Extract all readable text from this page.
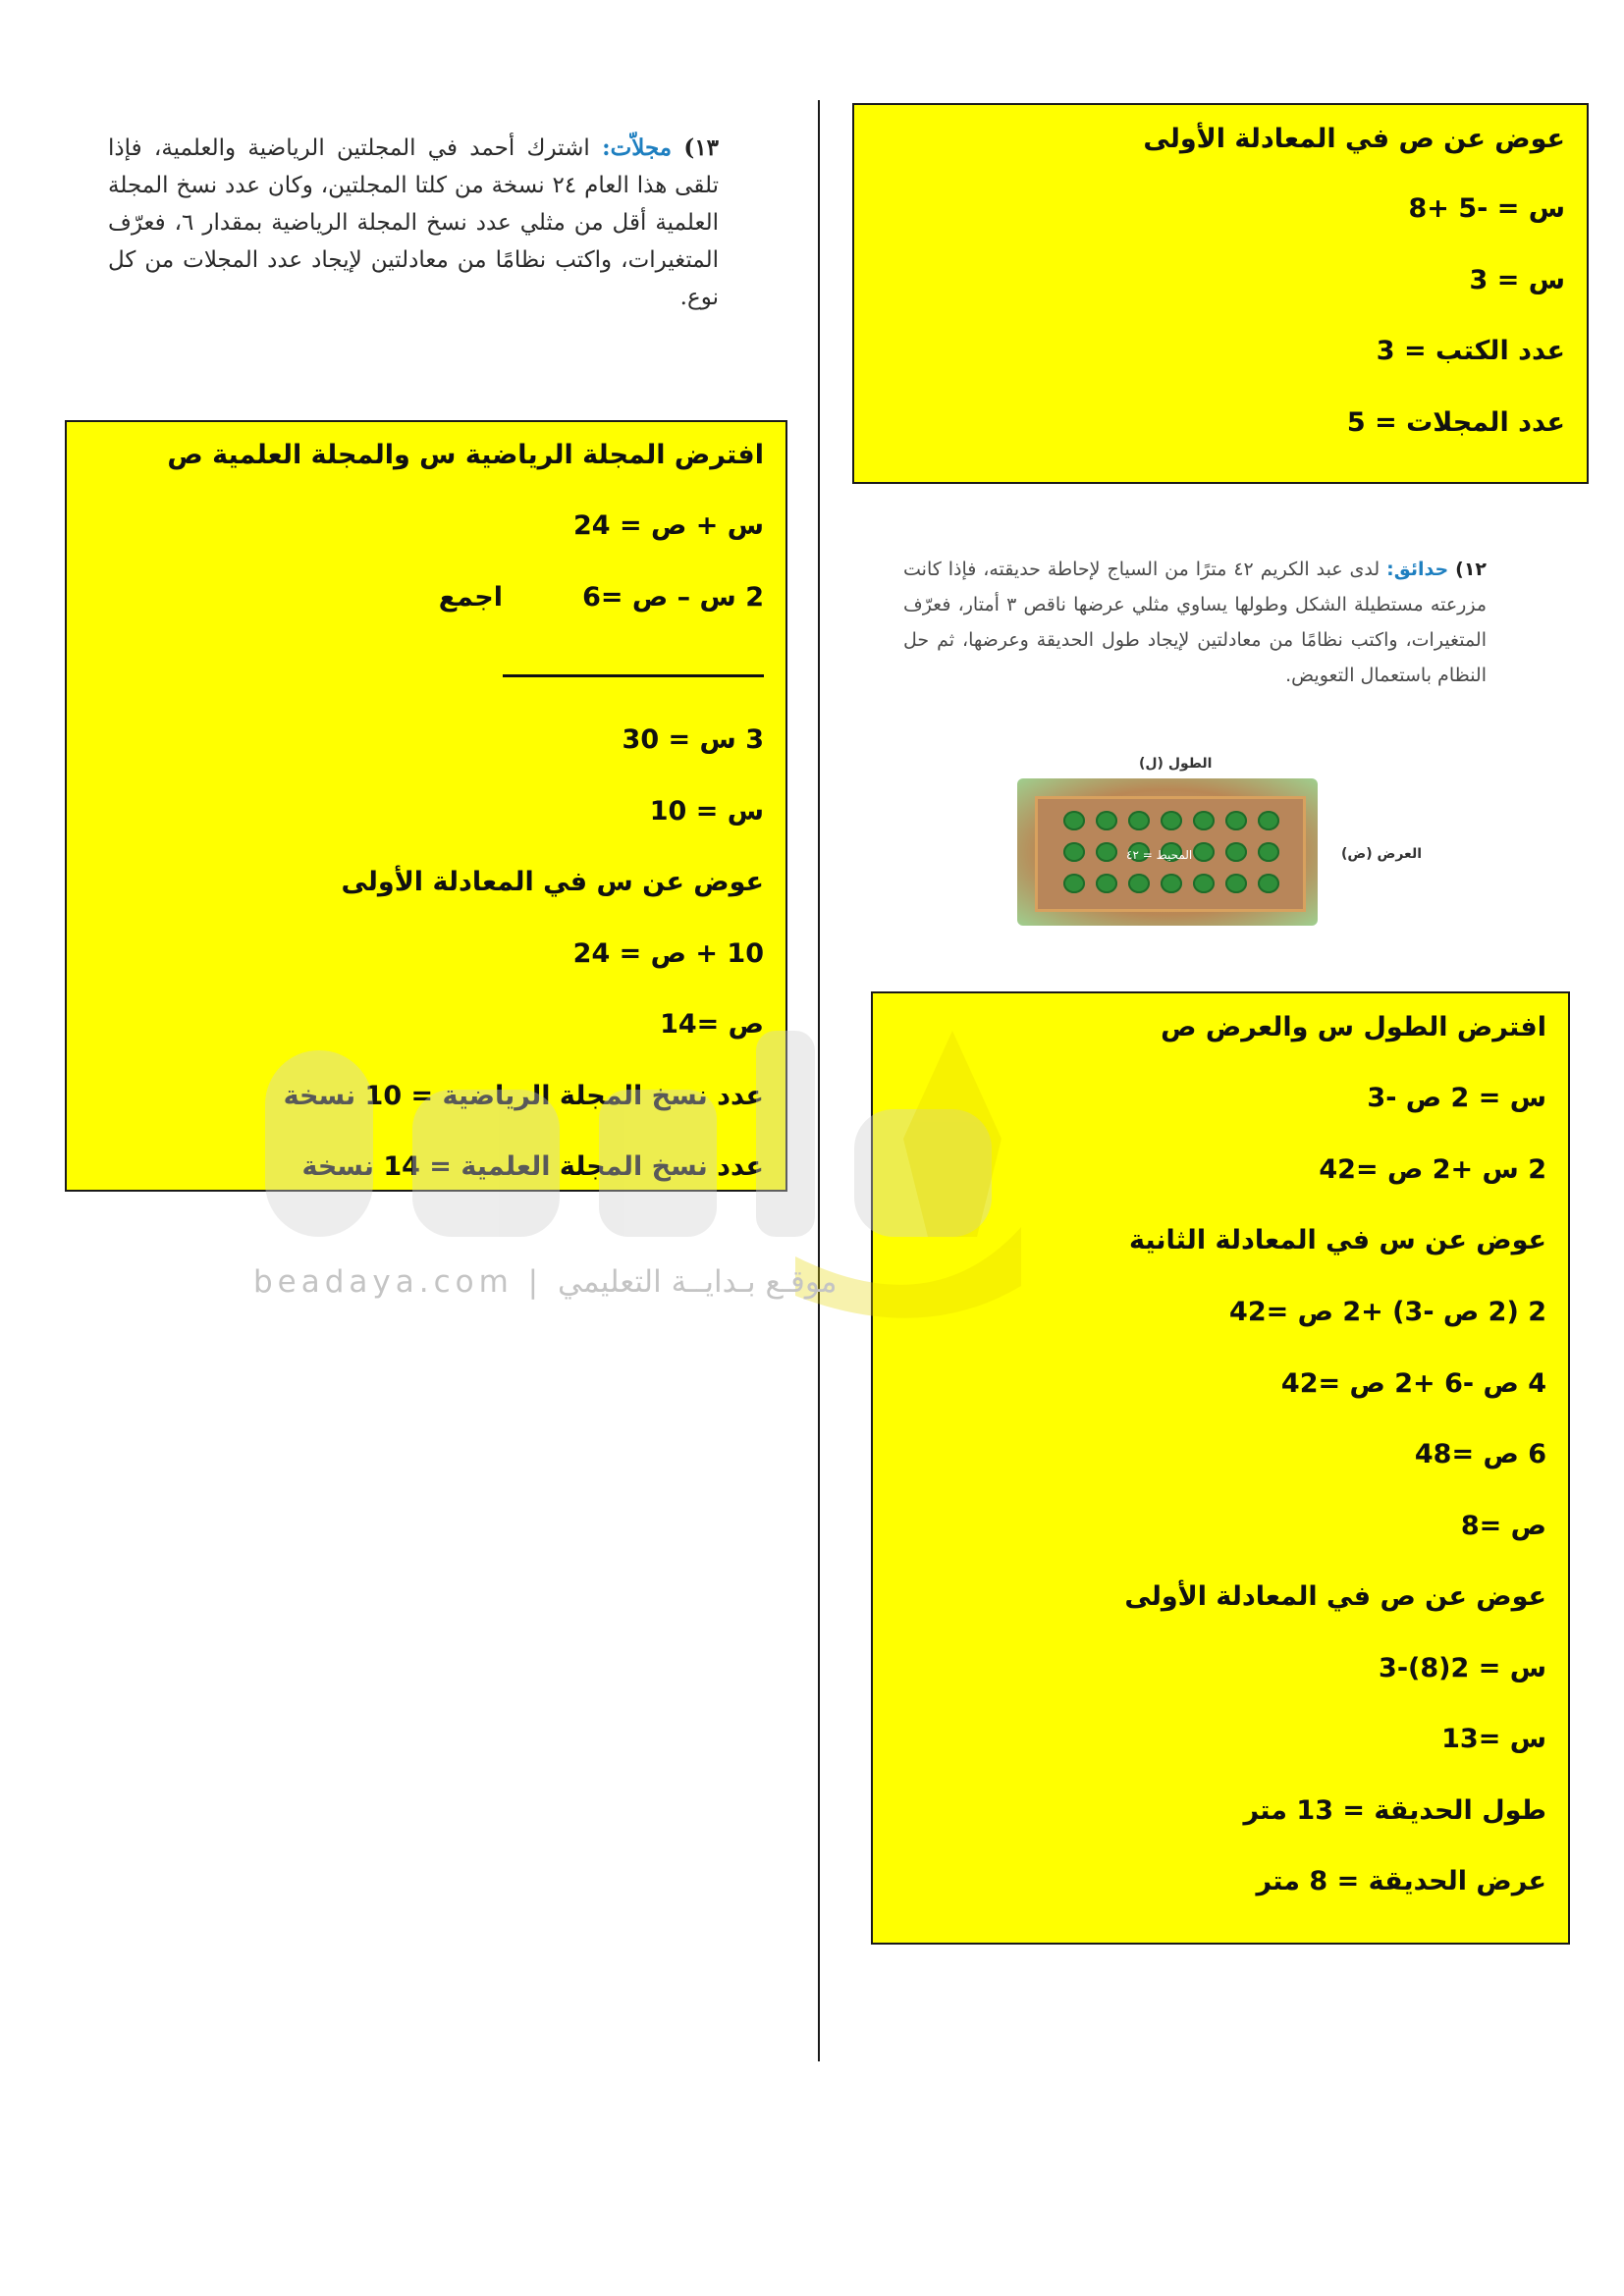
١٣) مجلاّت: اشترك أحمد في المجلتين الرياضية والعلمية، فإذا تلقى هذا العام ٢٤ نسخة من كلتا المجلتين، وكان عدد نسخ المجلة العلمية أقل من مثلي عدد نسخ المجلة الرياضية بمقدار ٦، فعرّف المتغيرات، واكتب نظامًا من معادلتين لإيجاد عدد المجلات من كل نوع.
عوض عن ص في المعادلة الأولى
س = -5 +8
س = 3
عدد الكتب = 3
عدد المجلات = 5
افترض المجلة الرياضية س والمجلة العلمية ص
س + ص = 24
2 س – ص =6
اجمع
3 س = 30
س = 10
عوض عن س في المعادلة الأولى
10 + ص = 24
ص =14
عدد نسخ المجلة الرياضية = 10 نسخة
عدد نسخ المجلة العلمية = 14 نسخة
١٢) حدائق: لدى عبد الكريم ٤٢ مترًا من السياج لإحاطة حديقته، فإذا كانت مزرعته مستطيلة الشكل وطولها يساوي مثلي عرضها ناقص ٣ أمتار، فعرّف المتغيرات، واكتب نظامًا من معادلتين لإيجاد طول الحديقة وعرضها، ثم حل النظام باستعمال التعويض.
الطول (ل)
المحيط = ٤٢	العرض (ض)
افترض الطول س والعرض ص
س = 2 ص -3
2 س +2 ص =42
عوض عن س في المعادلة الثانية
2 (2 ص -3) +2 ص =42
4 ص -6 +2 ص =42
6 ص =48
ص =8
عوض عن ص في المعادلة الأولى
س = 2(8)-3
س =13
طول الحديقة = 13 متر
عرض الحديقة = 8 متر
beadaya.com | موقـع بـدايــة التعليمي
